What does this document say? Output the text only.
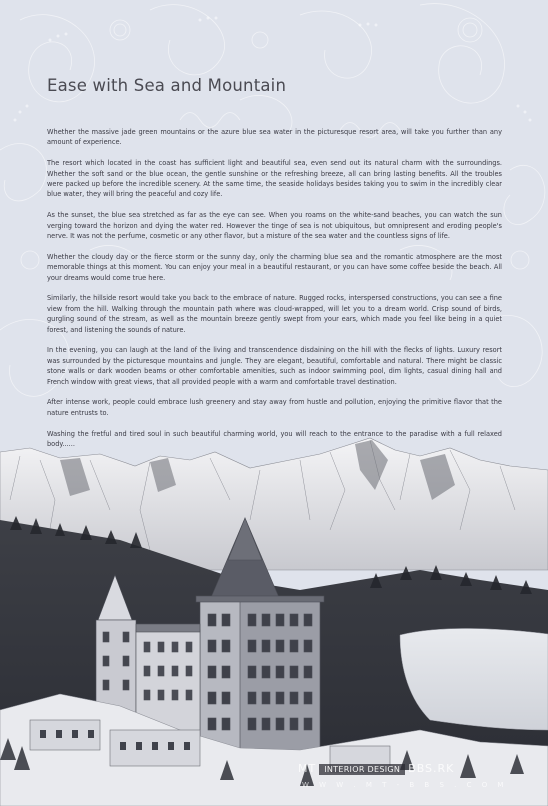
Ease with Sea and Mountain

Whether the massive jade green mountains or the azure blue sea water in the picturesque resort area, will take you further than any amount of experience.

The resort which located in the coast has sufficient light and beautiful sea, even send out its natural charm with the surroundings. Whether the soft sand or the blue ocean, the gentle sunshine or the refreshing breeze, all can bring lasting benefits. All the troubles were packed up before the incredible scenery. At the same time, the seaside holidays besides taking you to swim in the incredibly clear blue water, they will bring the peaceful and cozy life.

As the sunset, the blue sea stretched as far as the eye can see. When you roams on the white-sand beaches, you can watch the sun verging toward the horizon and dying the water red. However the tinge of sea is not ubiquitous, but omnipresent and eroding people's nerve. It was not the perfume, cosmetic or any other flavor, but a misture of the sea water and the countless signs of life.

Whether the cloudy day or the fierce storm or the sunny day, only the charming blue sea and the romantic atmosphere are the most memorable things at this moment. You can enjoy your meal in a beautiful restaurant, or you can have some coffee beside the beach. All your dreams would come true here.

Similarly, the hillside resort would take you back to the embrace of nature. Rugged rocks, interspersed constructions, you can see a fine view from the hill. Walking through the mountain path where was cloud-wrapped, will let you to a dream world. Crisp sound of birds, gurgling sound of the stream, as well as the mountain breeze gently swept from your ears, which made you feel like being in a quiet forest, and listening the sounds of nature.

In the evening, you can laugh at the land of the living and transcendence disdaining on the hill with the flecks of lights. Luxury resort was surrounded by the picturesque mountains and jungle. They are elegant, beautiful, comfortable and natural. There might be classic stone walls or dark wooden beams or other comfortable amenities, such as indoor swimming pool, dim lights, casual dining hall and French window with great views, that all provided people with a warm and comfortable travel destination.

After intense work, people could embrace lush greenery and stay away from hustle and pollution, enjoying the primitive flavor that the nature entrusts to.

Washing the fretful and tired soul in such beautiful charming world, you will reach to the entrance to the paradise with a full relaxed body......

MT INTERIOR DESIGN BBS.RK
W W W . M T - B B S . C O M
